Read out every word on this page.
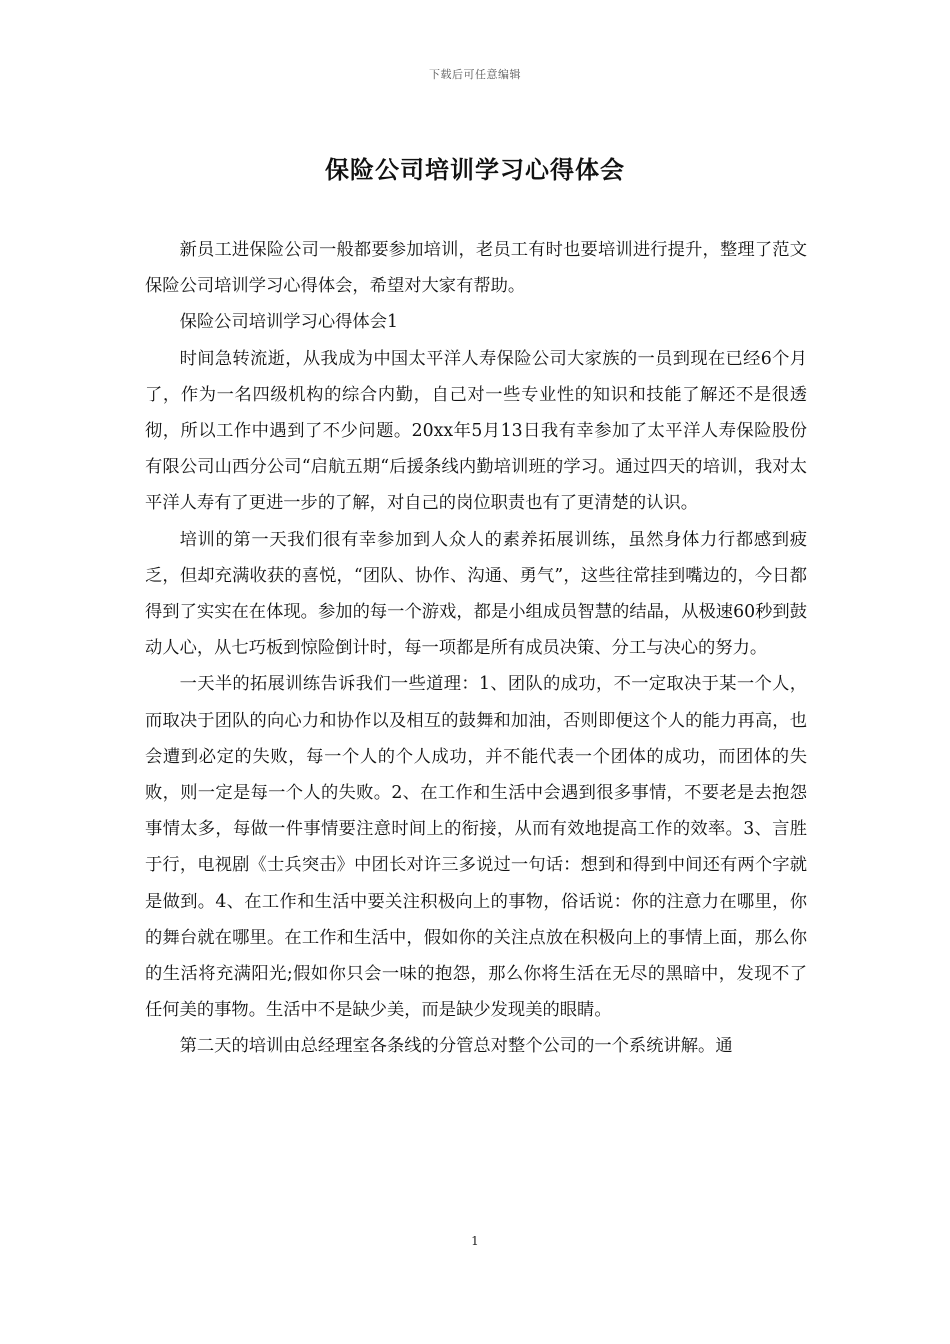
下载后可任意编辑
保险公司培训学习心得体会

新员工进保险公司一般都要参加培训，老员工有时也要培训进行提升，整理了范文保险公司培训学习心得体会，希望对大家有帮助。

保险公司培训学习心得体会1

时间急转流逝，从我成为中国太平洋人寿保险公司大家族的一员到现在已经6个月了，作为一名四级机构的综合内勤，自己对一些专业性的知识和技能了解还不是很透彻，所以工作中遇到了不少问题。20xx年5月13日我有幸参加了太平洋人寿保险股份有限公司山西分公司“启航五期“后援条线内勤培训班的学习。通过四天的培训，我对太平洋人寿有了更进一步的了解，对自己的岗位职责也有了更清楚的认识。

培训的第一天我们很有幸参加到人众人的素养拓展训练，虽然身体力行都感到疲乏，但却充满收获的喜悦，“团队、协作、沟通、勇气”，这些往常挂到嘴边的，今日都得到了实实在在体现。参加的每一个游戏，都是小组成员智慧的结晶，从极速60秒到鼓动人心，从七巧板到惊险倒计时，每一项都是所有成员决策、分工与决心的努力。

一天半的拓展训练告诉我们一些道理：1、团队的成功，不一定取决于某一个人，而取决于团队的向心力和协作以及相互的鼓舞和加油，否则即便这个人的能力再高，也会遭到必定的失败，每一个人的个人成功，并不能代表一个团体的成功，而团体的失败，则一定是每一个人的失败。2、在工作和生活中会遇到很多事情，不要老是去抱怨事情太多，每做一件事情要注意时间上的衔接，从而有效地提高工作的效率。3、言胜于行，电视剧《士兵突击》中团长对许三多说过一句话：想到和得到中间还有两个字就是做到。4、在工作和生活中要关注积极向上的事物，俗话说：你的注意力在哪里，你的舞台就在哪里。在工作和生活中，假如你的关注点放在积极向上的事情上面，那么你的生活将充满阳光;假如你只会一味的抱怨，那么你将生活在无尽的黑暗中，发现不了任何美的事物。生活中不是缺少美，而是缺少发现美的眼睛。

第二天的培训由总经理室各条线的分管总对整个公司的一个系统讲解。通

1
